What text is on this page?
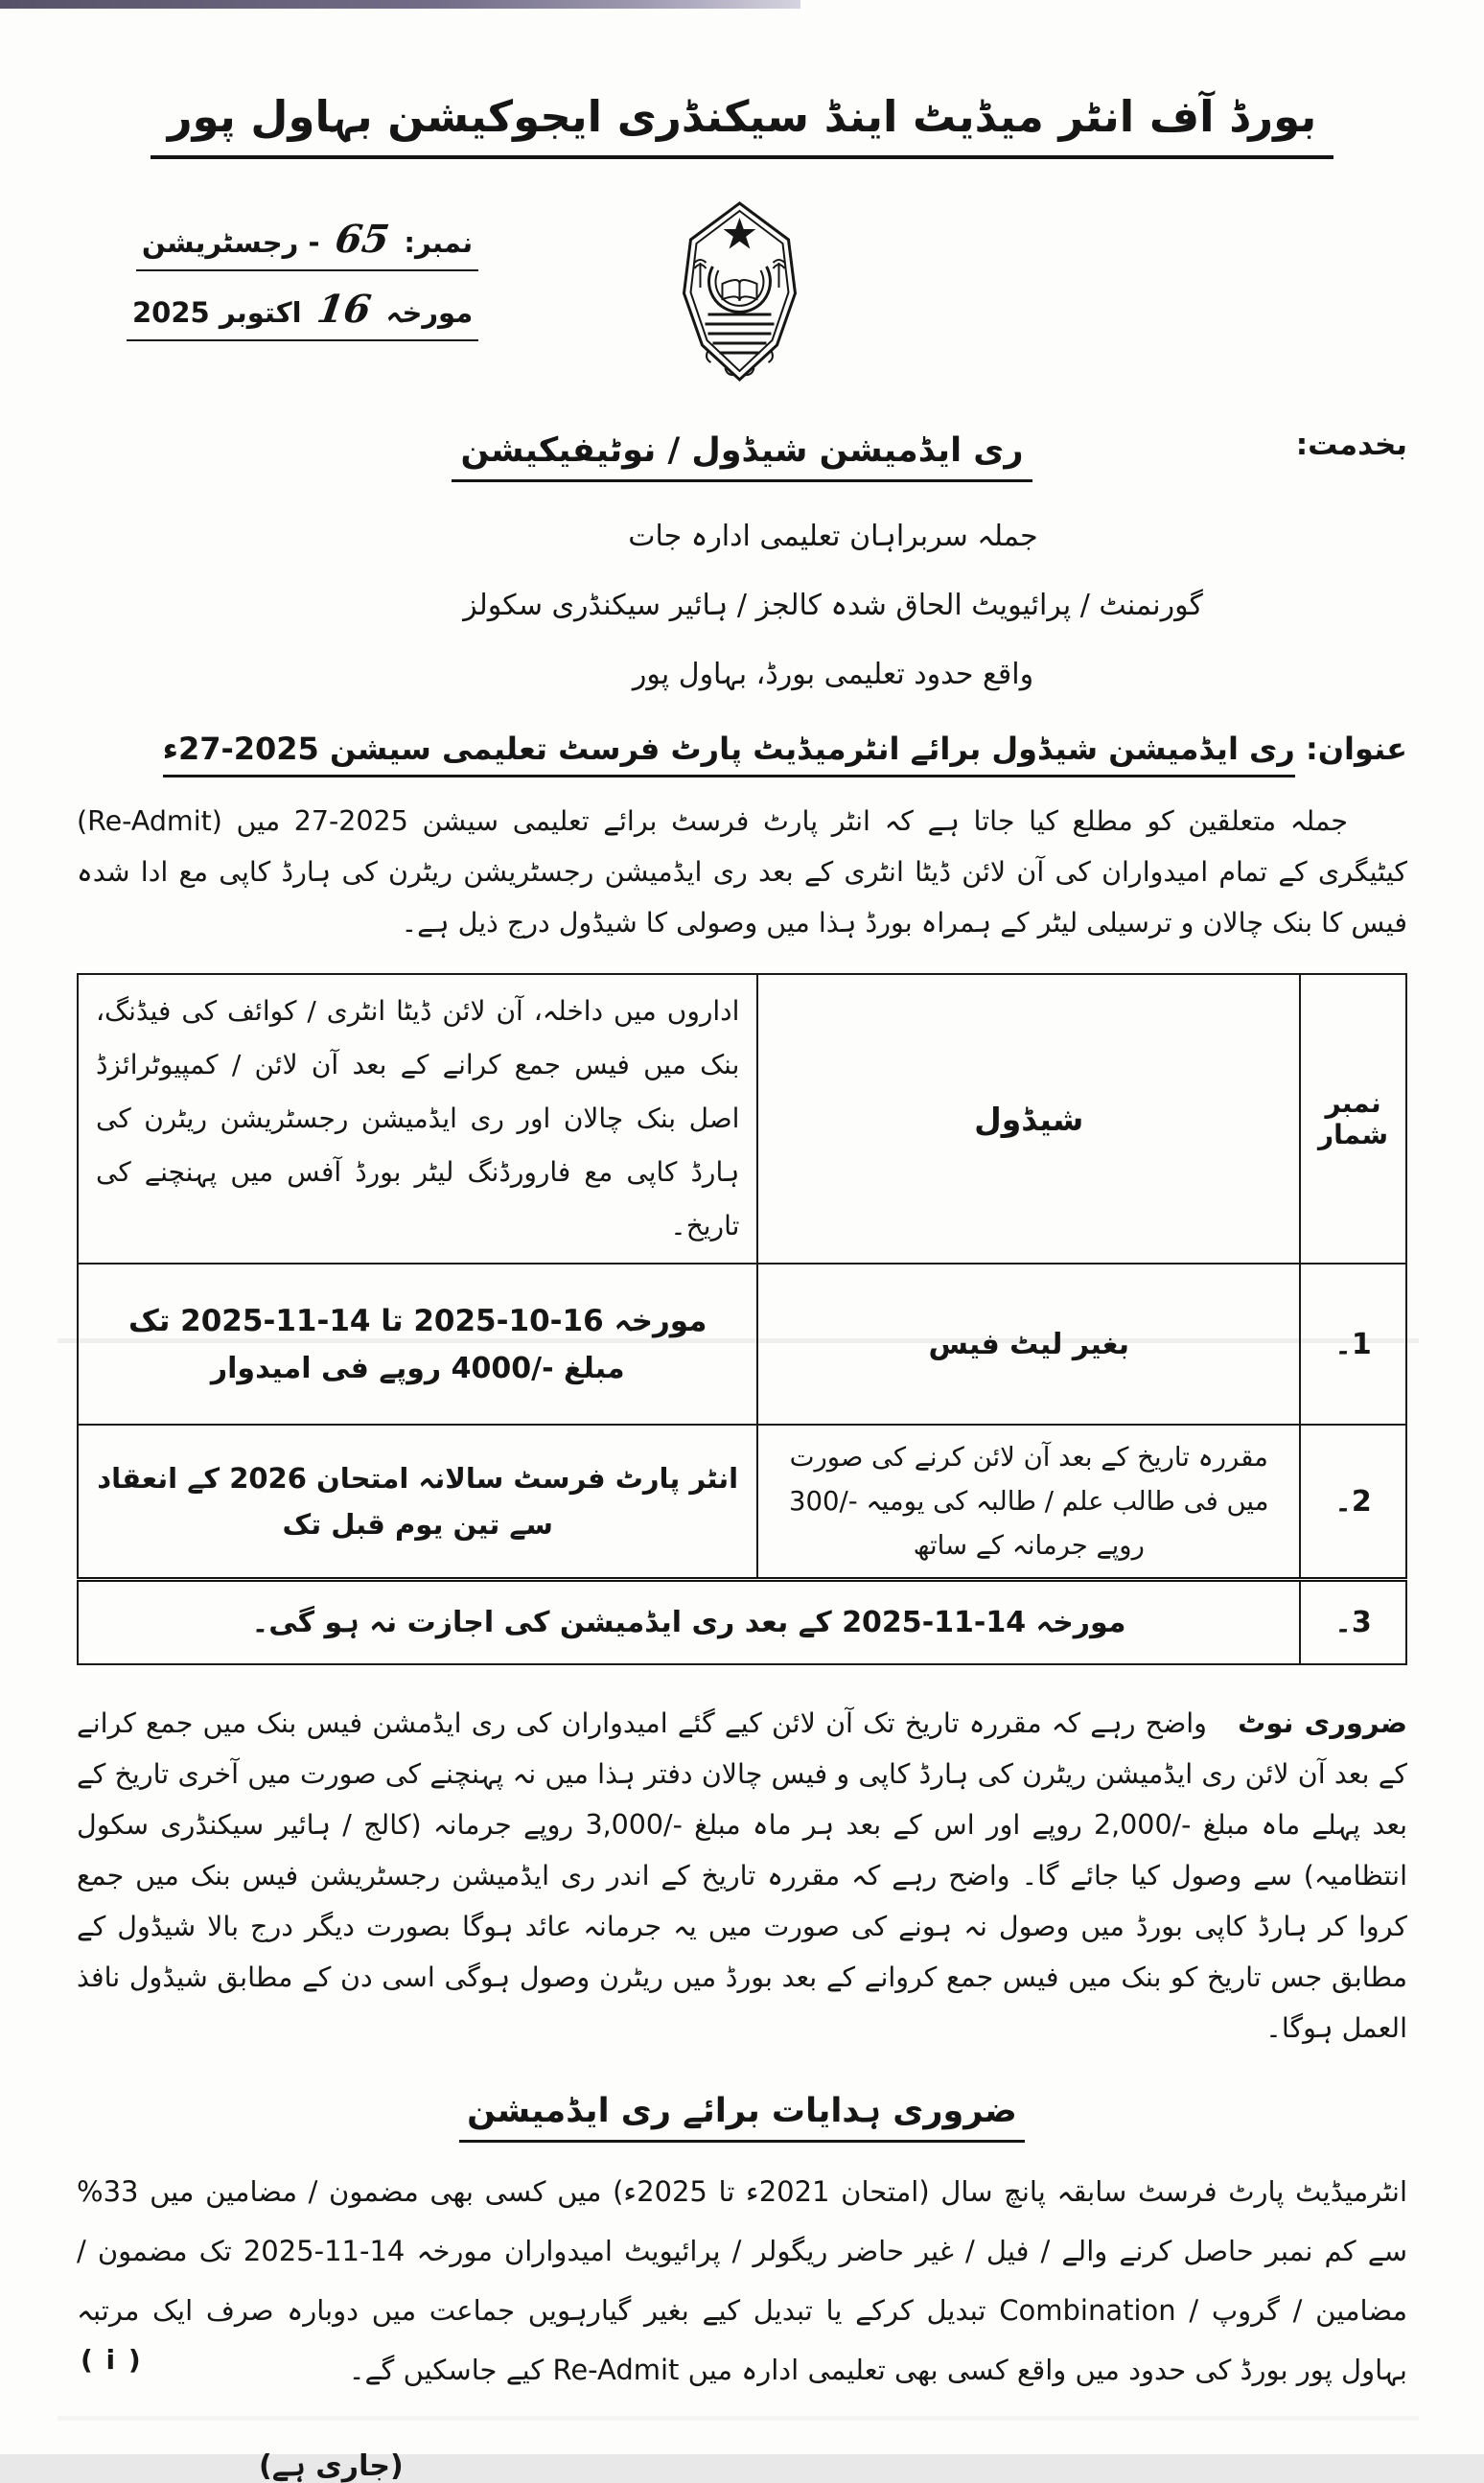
بورڈ آف انٹر میڈیٹ اینڈ سیکنڈری ایجوکیشن بہاول پور
نمبر: 65 - رجسٹریشن
مورخہ 16 اکتوبر 2025
بخدمت:
ری ایڈمیشن شیڈول / نوٹیفیکیشن
جملہ سربراہان تعلیمی ادارہ جات
گورنمنٹ / پرائیویٹ الحاق شدہ کالجز / ہائیر سیکنڈری سکولز
واقع حدود تعلیمی بورڈ، بہاول پور
عنوان: ری ایڈمیشن شیڈول برائے انٹرمیڈیٹ پارٹ فرسٹ تعلیمی سیشن 2025-27ء

جملہ متعلقین کو مطلع کیا جاتا ہے کہ انٹر پارٹ فرسٹ برائے تعلیمی سیشن 2025-27 میں (Re-Admit) کیٹیگری کے تمام امیدواران کی آن لائن ڈیٹا انٹری کے بعد ری ایڈمیشن رجسٹریشن ریٹرن کی ہارڈ کاپی مع ادا شدہ فیس کا بنک چالان و ترسیلی لیٹر کے ہمراہ بورڈ ہذا میں وصولی کا شیڈول درج ذیل ہے۔

نمبر شمار	شیڈول	اداروں میں داخلہ، آن لائن ڈیٹا انٹری / کوائف کی فیڈنگ، بنک میں فیس جمع کرانے کے بعد آن لائن / کمپیوٹرائزڈ اصل بنک چالان اور ری ایڈمیشن رجسٹریشن ریٹرن کی ہارڈ کاپی مع فارورڈنگ لیٹر بورڈ آفس میں پہنچنے کی تاریخ۔
1۔	بغیر لیٹ فیس	مورخہ 16-10-2025 تا 14-11-2025 تک
مبلغ -/4000 روپے فی امیدوار

2۔	مقررہ تاریخ کے بعد آن لائن کرنے کی صورت میں فی طالب علم / طالبہ کی یومیہ -/300 روپے جرمانہ کے ساتھ	انٹر پارٹ فرسٹ سالانہ امتحان 2026 کے انعقاد سے تین یوم قبل تک
3۔	مورخہ 14-11-2025 کے بعد ری ایڈمیشن کی اجازت نہ ہو گی۔	

ضروری نوٹ واضح رہے کہ مقررہ تاریخ تک آن لائن کیے گئے امیدواران کی ری ایڈمشن فیس بنک میں جمع کرانے کے بعد آن لائن ری ایڈمیشن ریٹرن کی ہارڈ کاپی و فیس چالان دفتر ہذا میں نہ پہنچنے کی صورت میں آخری تاریخ کے بعد پہلے ماہ مبلغ -/2,000 روپے اور اس کے بعد ہر ماہ مبلغ -/3,000 روپے جرمانہ (کالج / ہائیر سیکنڈری سکول انتظامیہ) سے وصول کیا جائے گا۔ واضح رہے کہ مقررہ تاریخ کے اندر ری ایڈمیشن رجسٹریشن فیس بنک میں جمع کروا کر ہارڈ کاپی بورڈ میں وصول نہ ہونے کی صورت میں یہ جرمانہ عائد ہوگا بصورت دیگر درج بالا شیڈول کے مطابق جس تاریخ کو بنک میں فیس جمع کروانے کے بعد بورڈ میں ریٹرن وصول ہوگی اسی دن کے مطابق شیڈول نافذ العمل ہوگا۔

ضروری ہدایات برائے ری ایڈمیشن
( i )
انٹرمیڈیٹ پارٹ فرسٹ سابقہ پانچ سال (امتحان 2021ء تا 2025ء) میں کسی بھی مضمون / مضامین میں 33% سے کم نمبر حاصل کرنے والے / فیل / غیر حاضر ریگولر / پرائیویٹ امیدواران مورخہ 14-11-2025 تک مضمون / مضامین / گروپ / Combination تبدیل کرکے یا تبدیل کیے بغیر گیارہویں جماعت میں دوبارہ صرف ایک مرتبہ بہاول پور بورڈ کی حدود میں واقع کسی بھی تعلیمی ادارہ میں Re-Admit کیے جاسکیں گے۔
(جاری ہے)
